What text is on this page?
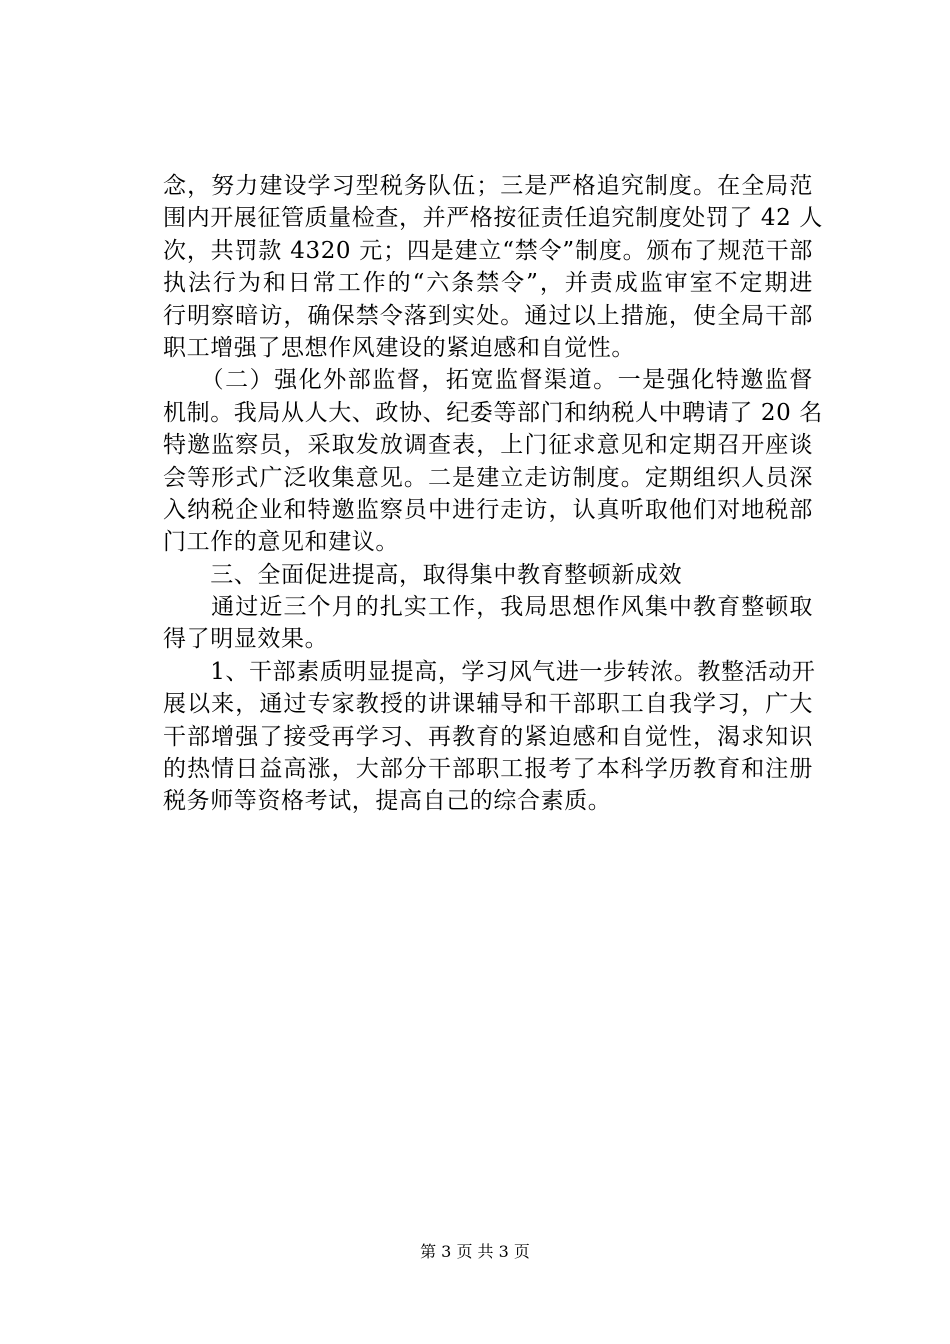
念，努力建设学习型税务队伍；三是严格追究制度。在全局范
围内开展征管质量检查，并严格按征责任追究制度处罚了 42 人
次，共罚款 4320 元；四是建立“禁令”制度。颁布了规范干部
执法行为和日常工作的“六条禁令”，并责成监审室不定期进
行明察暗访，确保禁令落到实处。通过以上措施，使全局干部
职工增强了思想作风建设的紧迫感和自觉性。
　　（二）强化外部监督，拓宽监督渠道。一是强化特邀监督
机制。我局从人大、政协、纪委等部门和纳税人中聘请了 20 名
特邀监察员，采取发放调查表，上门征求意见和定期召开座谈
会等形式广泛收集意见。二是建立走访制度。定期组织人员深
入纳税企业和特邀监察员中进行走访，认真听取他们对地税部
门工作的意见和建议。
　　三、全面促进提高，取得集中教育整顿新成效
　　通过近三个月的扎实工作，我局思想作风集中教育整顿取
得了明显效果。
　　1、干部素质明显提高，学习风气进一步转浓。教整活动开
展以来，通过专家教授的讲课辅导和干部职工自我学习，广大
干部增强了接受再学习、再教育的紧迫感和自觉性，渴求知识
的热情日益高涨，大部分干部职工报考了本科学历教育和注册
税务师等资格考试，提高自己的综合素质。
第 3 页 共 3 页
